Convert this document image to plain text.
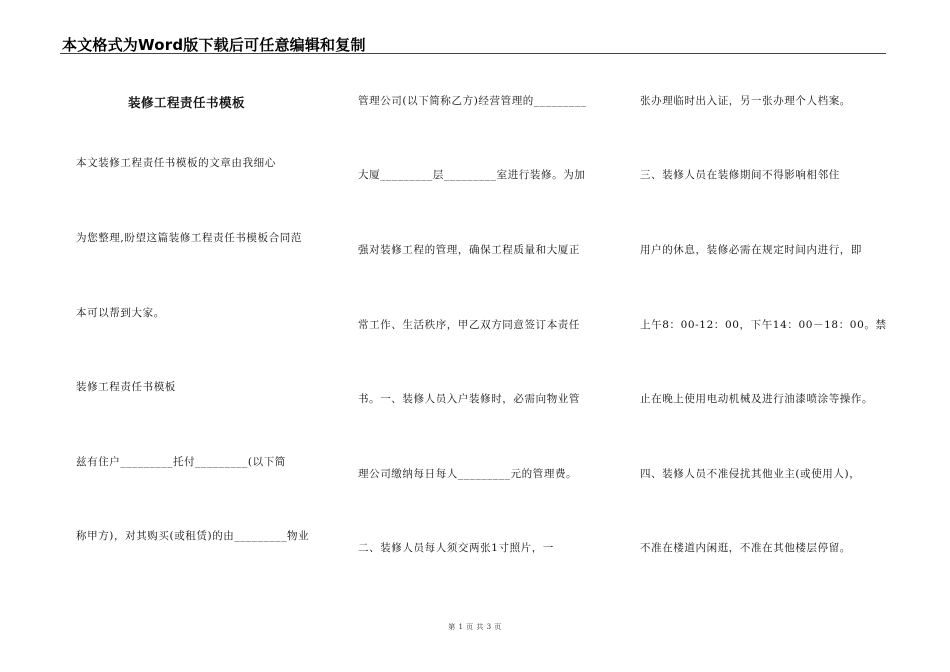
本文格式为Word版下载后可任意编辑和复制
装修工程责任书模板
本文装修工程责任书模板的文章由我细心
为您整理,盼望这篇装修工程责任书模板合同范
本可以帮到大家。
装修工程责任书模板
兹有住户_________托付_________(以下简
称甲方)，对其购买(或租赁)的由_________物业
管理公司(以下简称乙方)经营管理的_________
大厦_________层_________室进行装修。为加
强对装修工程的管理，确保工程质量和大厦正
常工作、生活秩序，甲乙双方同意签订本责任
书。一、装修人员入户装修时，必需向物业管
理公司缴纳每日每人_________元的管理费。
二、装修人员每人须交两张1寸照片，一
张办理临时出入证，另一张办理个人档案。
三、装修人员在装修期间不得影响相邻住
用户的休息，装修必需在规定时间内进行，即
上午8：00-12：00，下午14：00－18：00。禁
止在晚上使用电动机械及进行油漆喷涂等操作。
四、装修人员不准侵扰其他业主(或使用人)，
不准在楼道内闲逛，不准在其他楼层停留。
第 1 页 共 3 页
